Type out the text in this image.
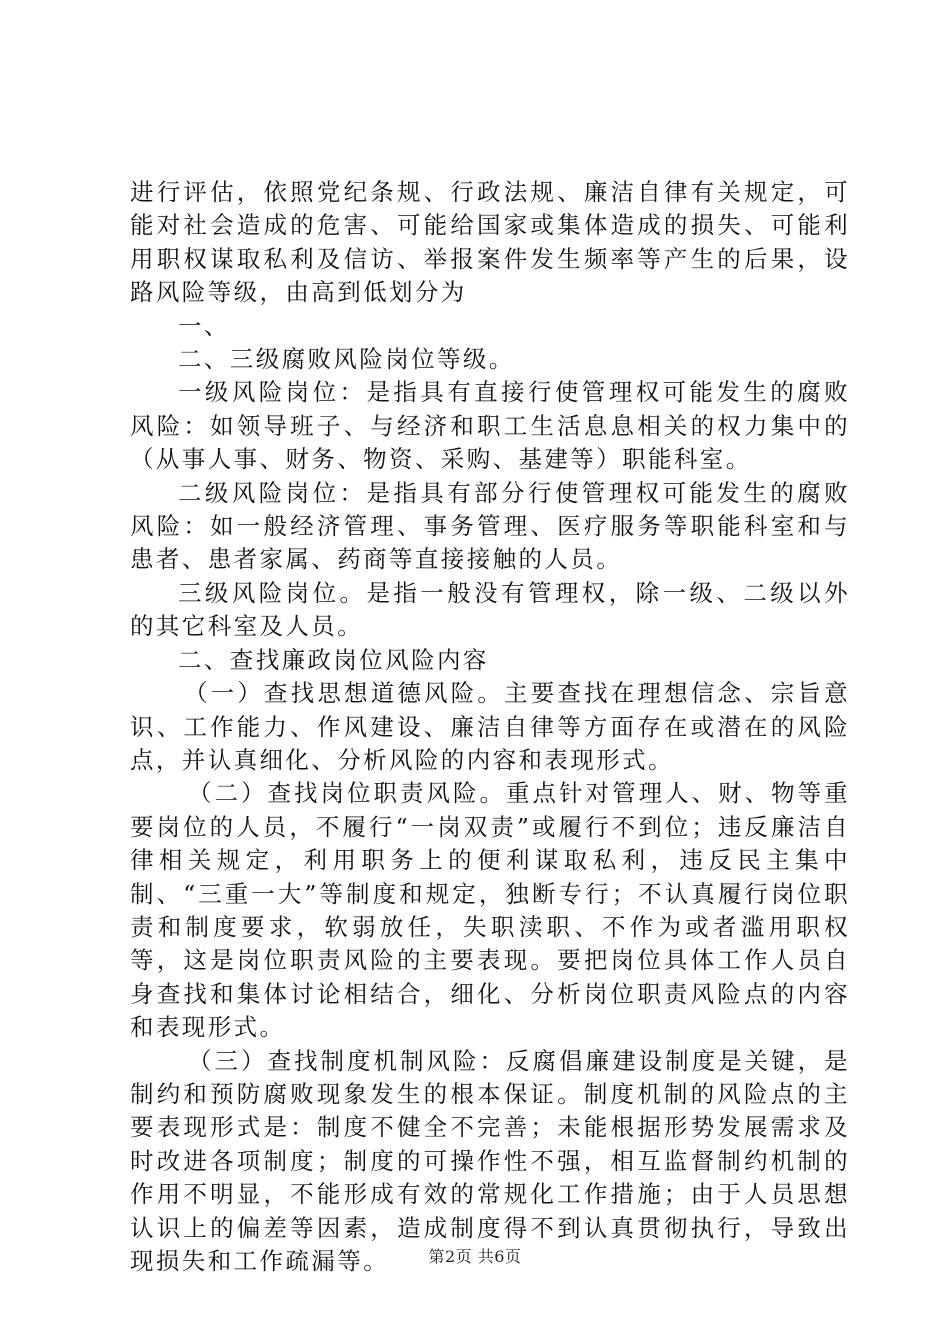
进行评估，依照党纪条规、行政法规、廉洁自律有关规定，可能对社会造成的危害、可能给国家或集体造成的损失、可能利用职权谋取私利及信访、举报案件发生频率等产生的后果，设路风险等级，由高到低划分为

一、

二、三级腐败风险岗位等级。

一级风险岗位：是指具有直接行使管理权可能发生的腐败风险：如领导班子、与经济和职工生活息息相关的权力集中的（从事人事、财务、物资、采购、基建等）职能科室。

二级风险岗位：是指具有部分行使管理权可能发生的腐败风险：如一般经济管理、事务管理、医疗服务等职能科室和与患者、患者家属、药商等直接接触的人员。

三级风险岗位。是指一般没有管理权，除一级、二级以外的其它科室及人员。

二、查找廉政岗位风险内容

（一）查找思想道德风险。主要查找在理想信念、宗旨意识、工作能力、作风建设、廉洁自律等方面存在或潜在的风险点，并认真细化、分析风险的内容和表现形式。

（二）查找岗位职责风险。重点针对管理人、财、物等重要岗位的人员，不履行“一岗双责”或履行不到位；违反廉洁自律相关规定，利用职务上的便利谋取私利，违反民主集中制、“三重一大”等制度和规定，独断专行；不认真履行岗位职责和制度要求，软弱放任，失职渎职、不作为或者滥用职权等，这是岗位职责风险的主要表现。要把岗位具体工作人员自身查找和集体讨论相结合，细化、分析岗位职责风险点的内容和表现形式。

（三）查找制度机制风险：反腐倡廉建设制度是关键，是制约和预防腐败现象发生的根本保证。制度机制的风险点的主要表现形式是：制度不健全不完善；未能根据形势发展需求及时改进各项制度；制度的可操作性不强，相互监督制约机制的作用不明显，不能形成有效的常规化工作措施；由于人员思想认识上的偏差等因素，造成制度得不到认真贯彻执行，导致出现损失和工作疏漏等。	第2页 共6页
